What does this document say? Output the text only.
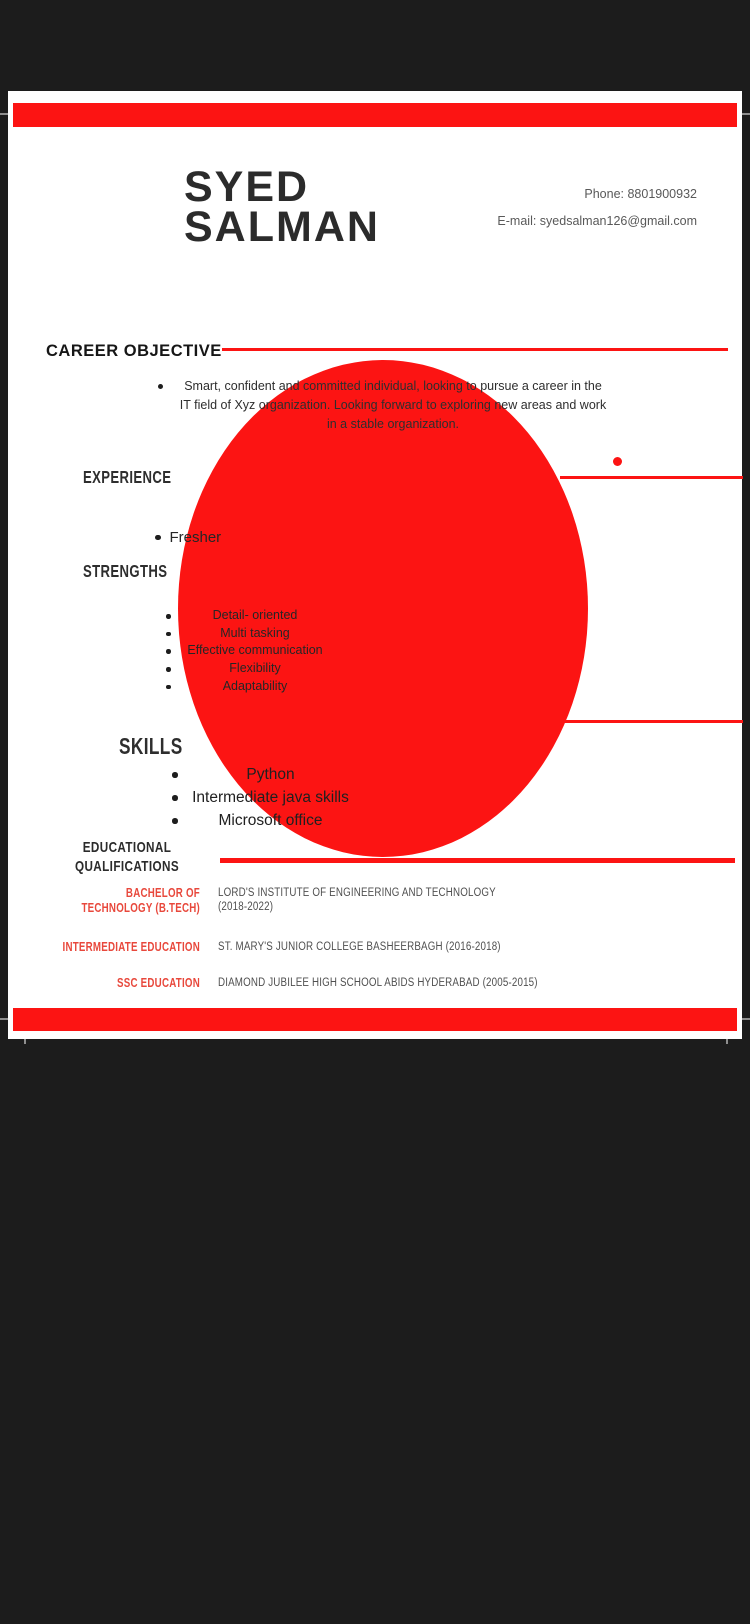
SYED
SALMAN
Phone: 8801900932
E-mail: syedsalman126@gmail.com
CAREER OBJECTIVE
Smart, confident and committed individual, looking to pursue a career in the
IT field of Xyz organization. Looking forward to exploring new areas and work
in a stable organization.
EXPERIENCE
Fresher
STRENGTHS
Detail- oriented
Multi tasking
Effective communication
Flexibility
Adaptability
SKILLS
Python
Intermediate java skills
Microsoft office
EDUCATIONAL
QUALIFICATIONS
BACHELOR OF
TECHNOLOGY (B.TECH)
LORD'S INSTITUTE OF ENGINEERING AND TECHNOLOGY
(2018-2022)
INTERMEDIATE EDUCATION ST. MARY'S JUNIOR COLLEGE BASHEERBAGH (2016-2018)
SSC EDUCATION DIAMOND JUBILEE HIGH SCHOOL ABIDS HYDERABAD (2005-2015)
